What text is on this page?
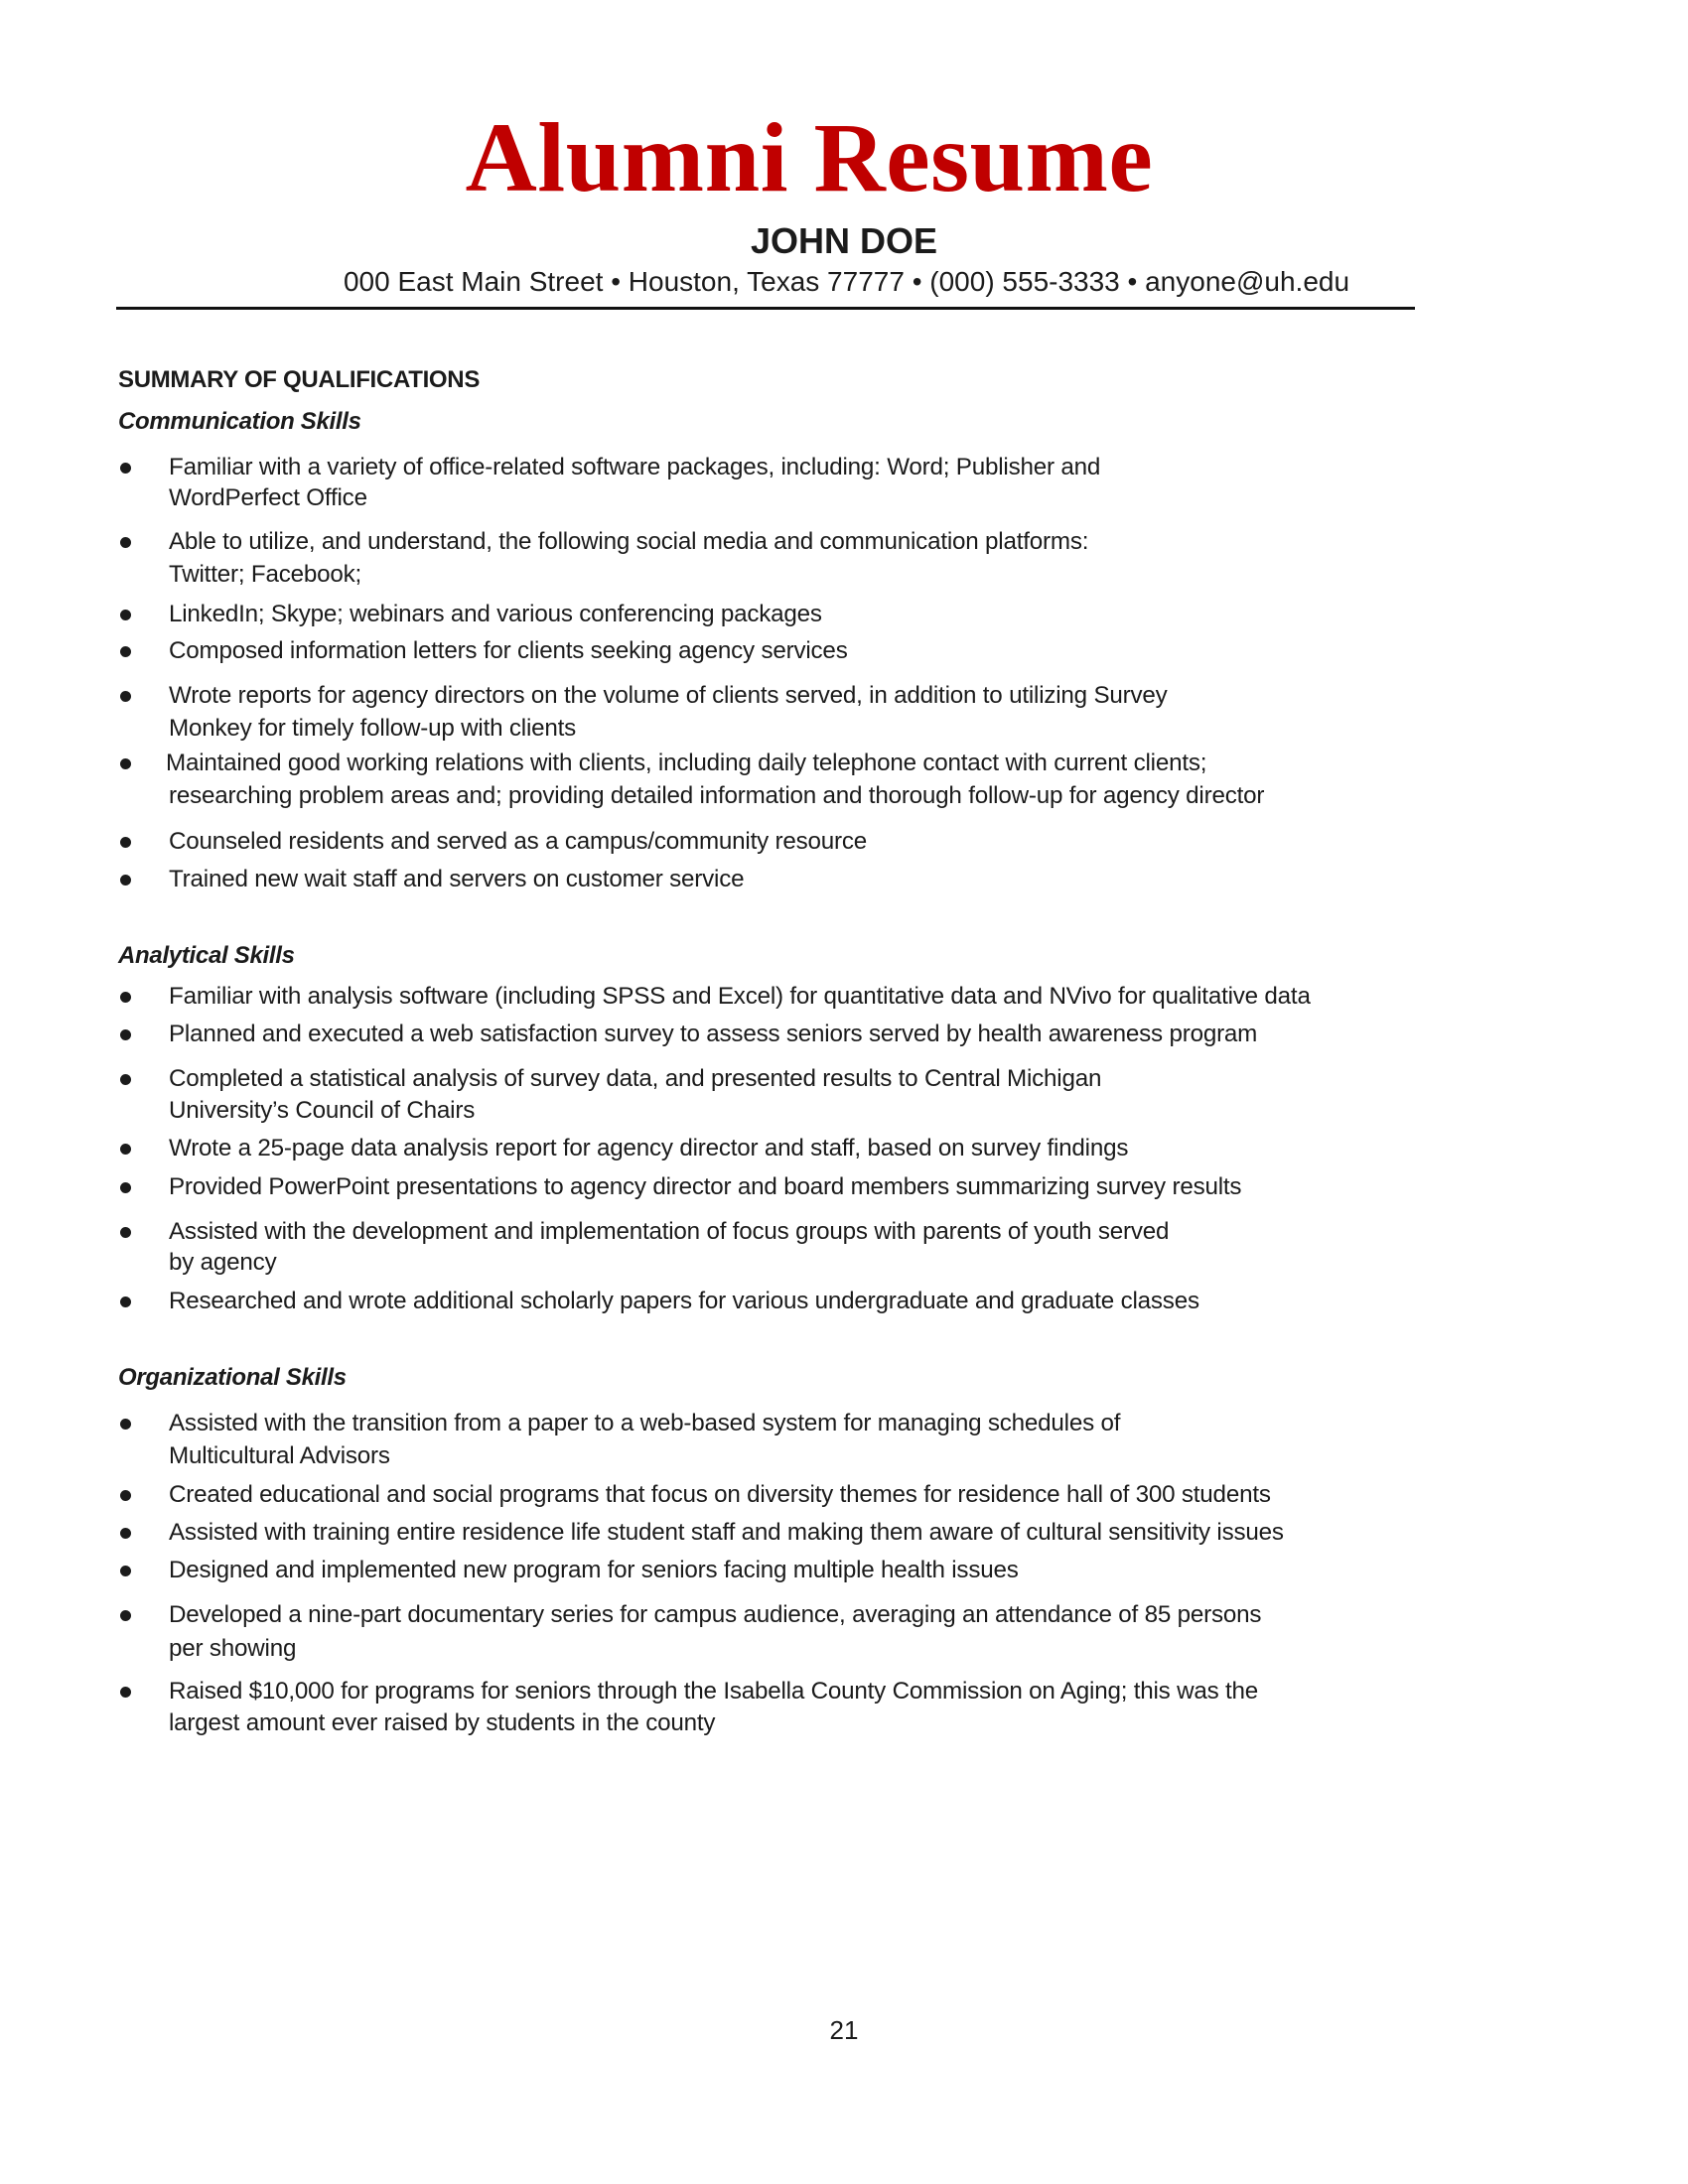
Alumni Resume
JOHN DOE
000 East Main Street • Houston, Texas 77777 • (000) 555-3333 • anyone@uh.edu
SUMMARY OF QUALIFICATIONS
Communication Skills
Familiar with a variety of office-related software packages, including: Word; Publisher and
WordPerfect Office
Able to utilize, and understand, the following social media and communication platforms:
Twitter; Facebook;
LinkedIn; Skype; webinars and various conferencing packages
Composed information letters for clients seeking agency services
Wrote reports for agency directors on the volume of clients served, in addition to utilizing Survey
Monkey for timely follow-up with clients
Maintained good working relations with clients, including daily telephone contact with current clients;
researching problem areas and; providing detailed information and thorough follow-up for agency director
Counseled residents and served as a campus/community resource
Trained new wait staff and servers on customer service
Analytical Skills
Familiar with analysis software (including SPSS and Excel) for quantitative data and NVivo for qualitative data
Planned and executed a web satisfaction survey to assess seniors served by health awareness program
Completed a statistical analysis of survey data, and presented results to Central Michigan
University’s Council of Chairs
Wrote a 25-page data analysis report for agency director and staff, based on survey findings
Provided PowerPoint presentations to agency director and board members summarizing survey results
Assisted with the development and implementation of focus groups with parents of youth served
by agency
Researched and wrote additional scholarly papers for various undergraduate and graduate classes
Organizational Skills
Assisted with the transition from a paper to a web-based system for managing schedules of
Multicultural Advisors
Created educational and social programs that focus on diversity themes for residence hall of 300 students
Assisted with training entire residence life student staff and making them aware of cultural sensitivity issues
Designed and implemented new program for seniors facing multiple health issues
Developed a nine-part documentary series for campus audience, averaging an attendance of 85 persons
per showing
Raised $10,000 for programs for seniors through the Isabella County Commission on Aging; this was the
largest amount ever raised by students in the county
21
